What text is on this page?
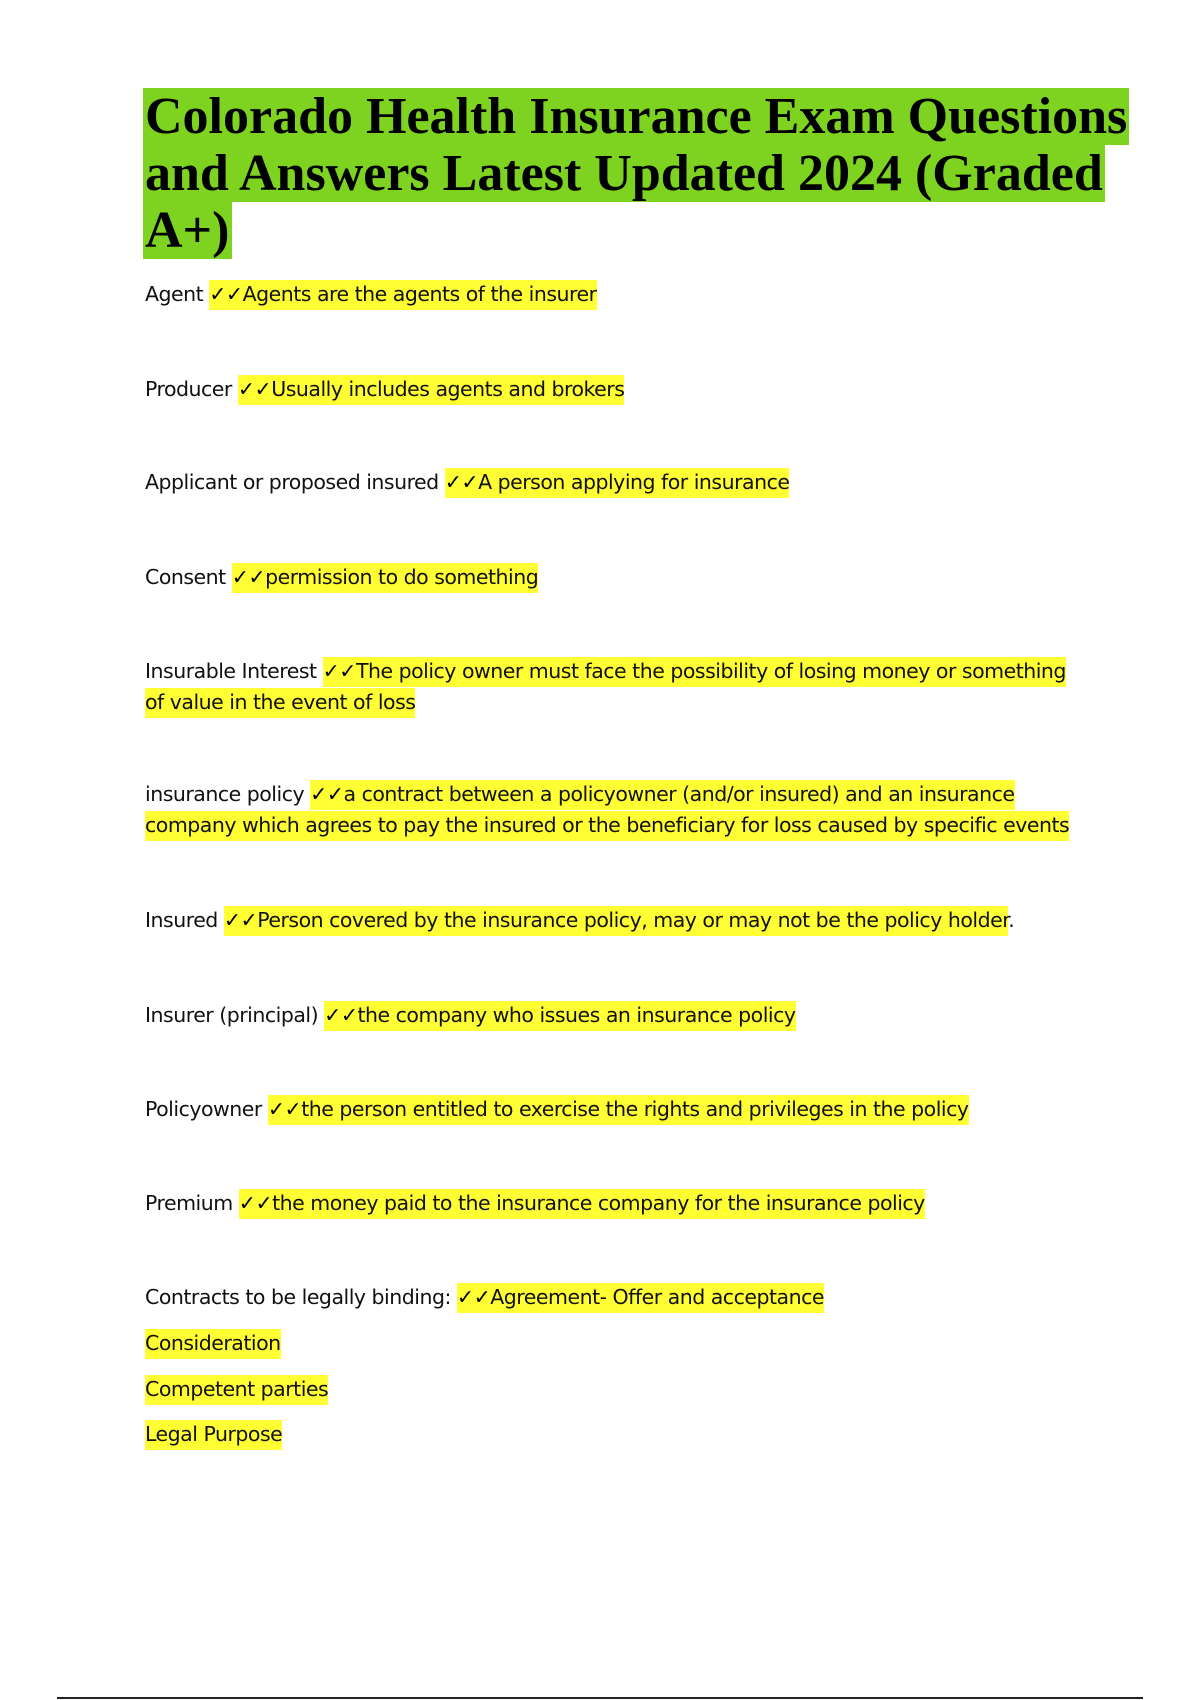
Colorado Health Insurance Exam Questions and Answers Latest Updated 2024 (Graded A+)

Agent ✓✓Agents are the agents of the insurer

Producer ✓✓Usually includes agents and brokers

Applicant or proposed insured ✓✓A person applying for insurance

Consent ✓✓permission to do something

Insurable Interest ✓✓The policy owner must face the possibility of losing money or something of value in the event of loss

insurance policy ✓✓a contract between a policyowner (and/or insured) and an insurance company which agrees to pay the insured or the beneficiary for loss caused by specific events

Insured ✓✓Person covered by the insurance policy, may or may not be the policy holder.

Insurer (principal) ✓✓the company who issues an insurance policy

Policyowner ✓✓the person entitled to exercise the rights and privileges in the policy

Premium ✓✓the money paid to the insurance company for the insurance policy

Contracts to be legally binding: ✓✓Agreement- Offer and acceptance

Consideration

Competent parties

Legal Purpose
